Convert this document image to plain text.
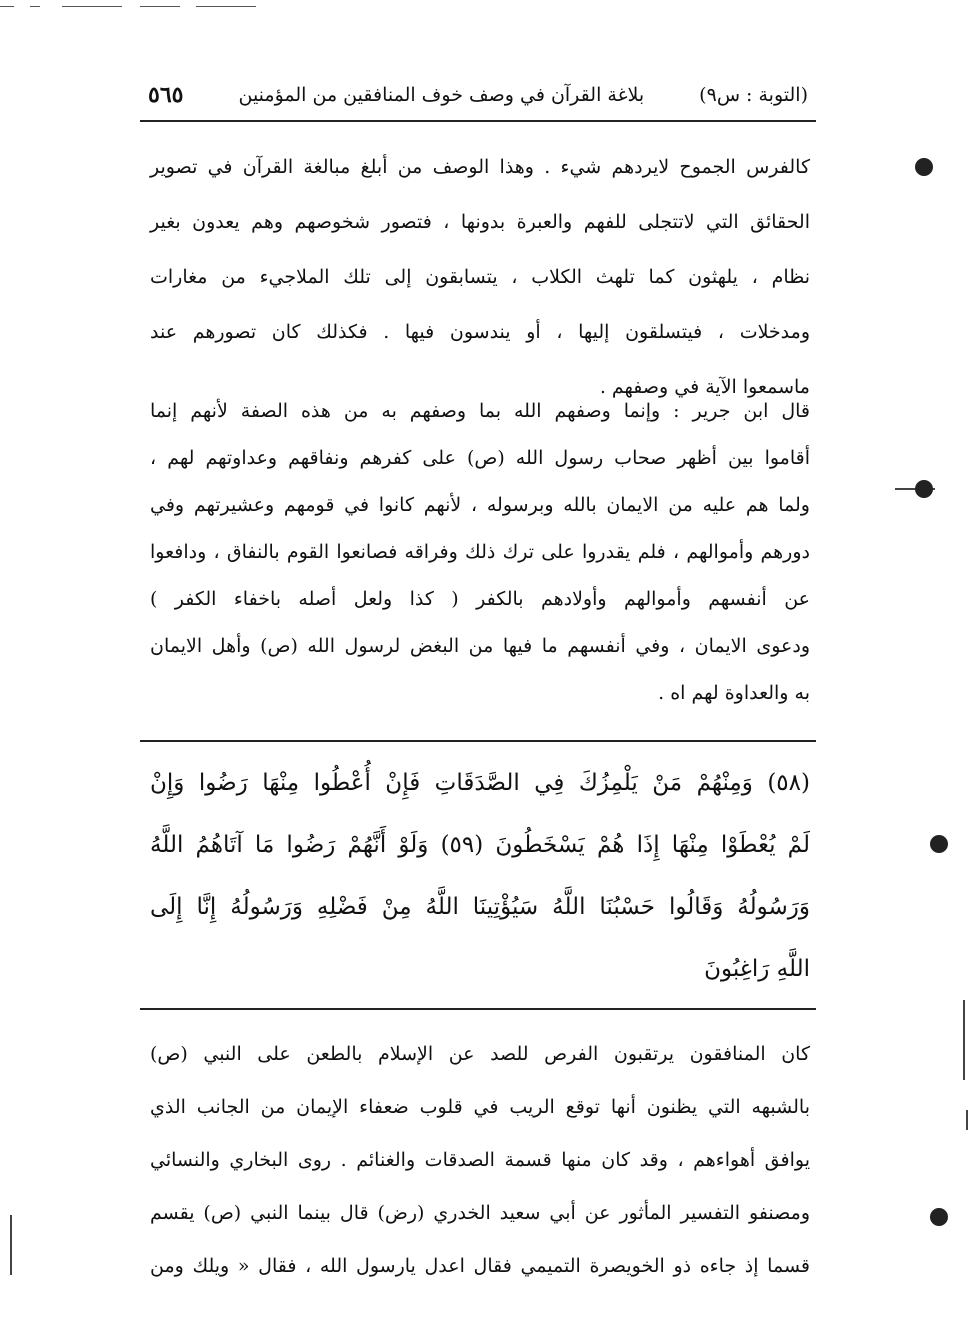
(التوبة : س٩)
بلاغة القرآن في وصف خوف المنافقين من المؤمنين
٥٦٥
كالفرس الجموح لايردهم شيء . وهذا الوصف من أبلغ مبالغة القرآن في تصوير
الحقائق التي لاتتجلى للفهم والعبرة بدونها ، فتصور شخوصهم وهم يعدون بغير
نظام ، يلهثون كما تلهث الكلاب ، يتسابقون إلى تلك الملاجيء من مغارات
ومدخلات ، فيتسلقون إليها ، أو يندسون فيها . فكذلك كان تصورهم عند
ماسمعوا الآية في وصفهم .
قال ابن جرير : وإنما وصفهم الله بما وصفهم به من هذه الصفة لأنهم إنما
أقاموا بين أظهر صحاب رسول الله (ص) على كفرهم ونفاقهم وعداوتهم لهم ،
ولما هم عليه من الايمان بالله وبرسوله ، لأنهم كانوا في قومهم وعشيرتهم وفي
دورهم وأموالهم ، فلم يقدروا على ترك ذلك وفراقه فصانعوا القوم بالنفاق ، ودافعوا
عن أنفسهم وأموالهم وأولادهم بالكفر ( كذا ولعل أصله باخفاء الكفر )
ودعوى الايمان ، وفي أنفسهم ما فيها من البغض لرسول الله (ص) وأهل الايمان
به والعداوة لهم اه .
(٥٨) وَمِنْهُمْ مَنْ يَلْمِزُكَ فِي الصَّدَقَاتِ فَإِنْ أُعْطُوا مِنْهَا رَضُوا وَإِنْ
لَمْ يُعْطَوْا مِنْهَا إِذَا هُمْ يَسْخَطُونَ (٥٩) وَلَوْ أَنَّهُمْ رَضُوا مَا آتَاهُمُ اللَّهُ
وَرَسُولُهُ وَقَالُوا حَسْبُنَا اللَّهُ سَيُؤْتِينَا اللَّهُ مِنْ فَضْلِهِ وَرَسُولُهُ إِنَّا إِلَى
اللَّهِ رَاغِبُونَ
كان المنافقون يرتقبون الفرص للصد عن الإسلام بالطعن على النبي (ص)
بالشبهه التي يظنون أنها توقع الريب في قلوب ضعفاء الإيمان من الجانب الذي
يوافق أهواءهم ، وقد كان منها قسمة الصدقات والغنائم . روى البخاري والنسائي
ومصنفو التفسير المأثور عن أبي سعيد الخدري (رض) قال بينما النبي (ص) يقسم
قسما إذ جاءه ذو الخويصرة التميمي فقال اعدل يارسول الله ، فقال « ويلك ومن
